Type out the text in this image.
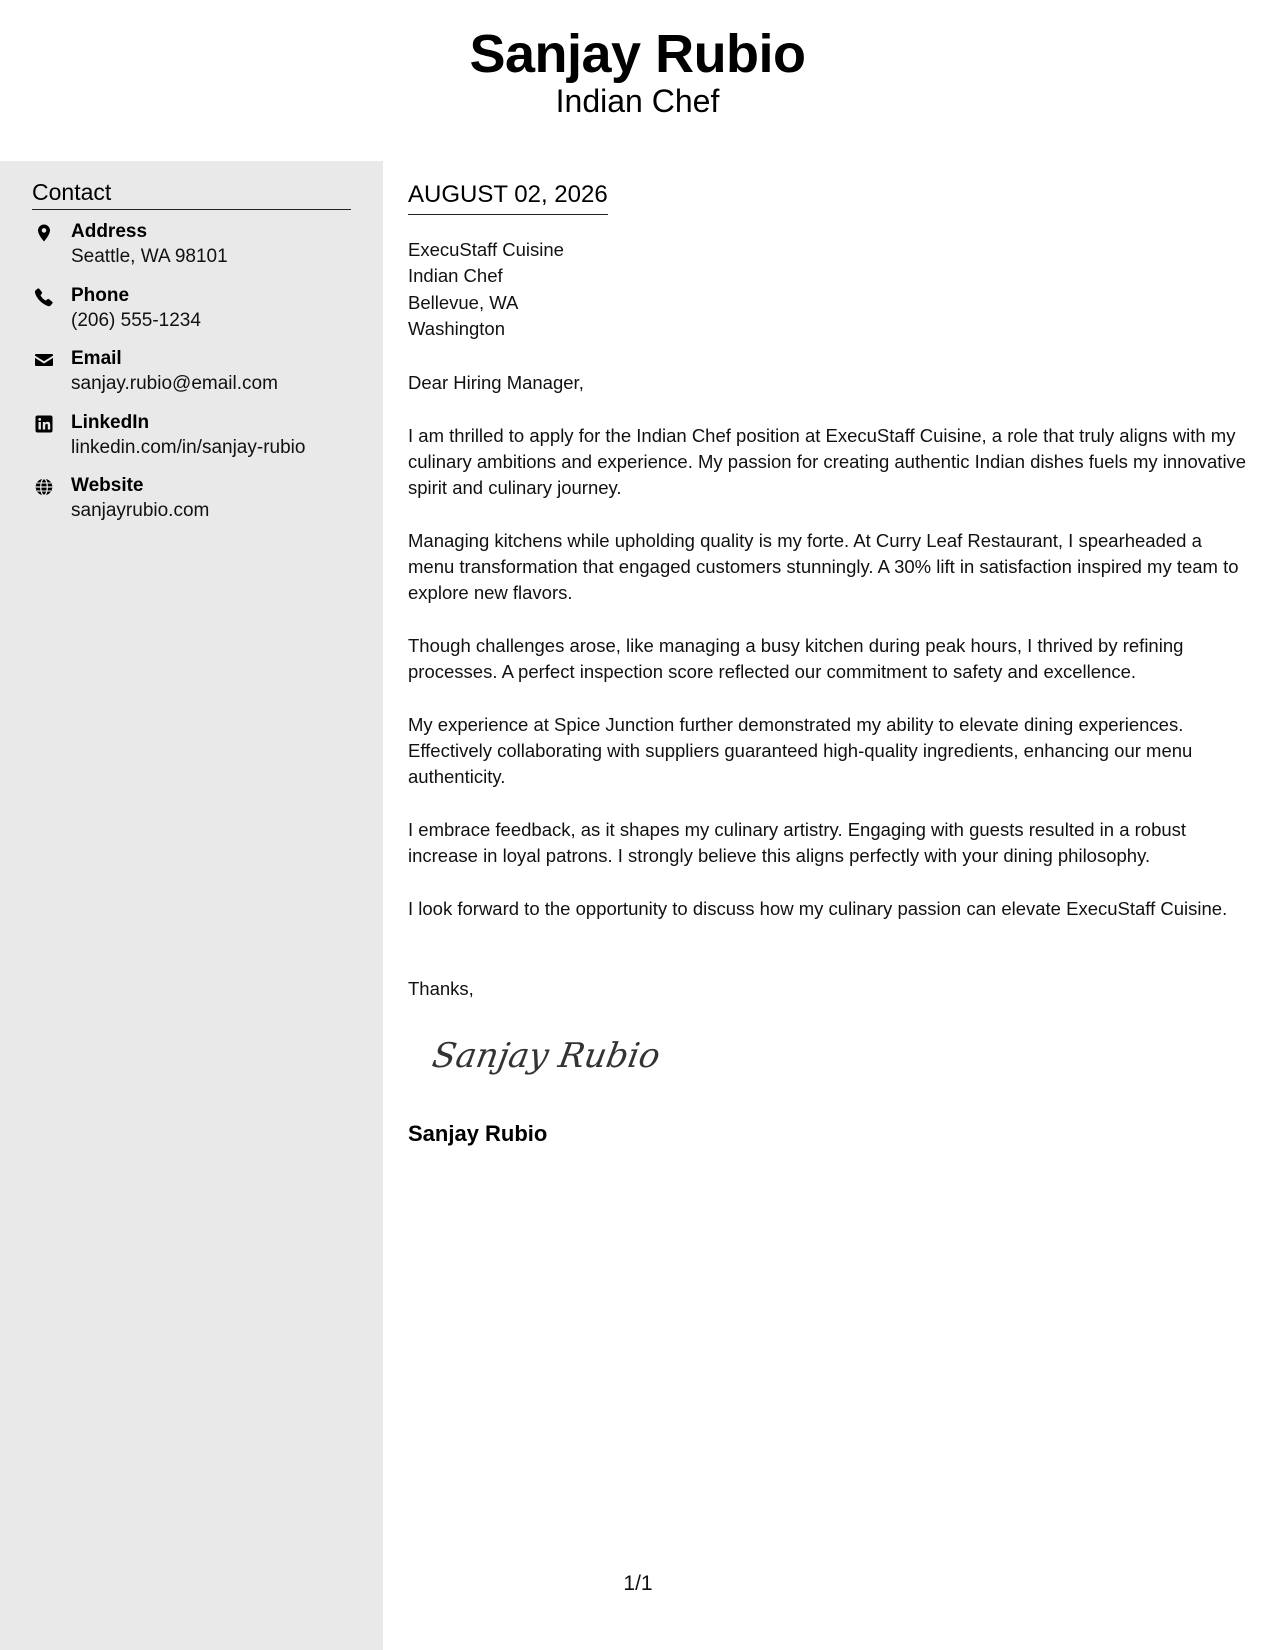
Sanjay Rubio
Indian Chef
Contact
Address
Seattle, WA 98101
Phone
(206) 555-1234
Email
sanjay.rubio@email.com
LinkedIn
linkedin.com/in/sanjay-rubio
Website
sanjayrubio.com
AUGUST 02, 2026
ExecuStaff Cuisine
Indian Chef
Bellevue, WA
Washington

Dear Hiring Manager,

I am thrilled to apply for the Indian Chef position at ExecuStaff Cuisine, a role that truly aligns with my culinary ambitions and experience. My passion for creating authentic Indian dishes fuels my innovative spirit and culinary journey.

Managing kitchens while upholding quality is my forte. At Curry Leaf Restaurant, I spearheaded a menu transformation that engaged customers stunningly. A 30% lift in satisfaction inspired my team to explore new flavors.

Though challenges arose, like managing a busy kitchen during peak hours, I thrived by refining processes. A perfect inspection score reflected our commitment to safety and excellence.

My experience at Spice Junction further demonstrated my ability to elevate dining experiences. Effectively collaborating with suppliers guaranteed high-quality ingredients, enhancing our menu authenticity.

I embrace feedback, as it shapes my culinary artistry. Engaging with guests resulted in a robust increase in loyal patrons. I strongly believe this aligns perfectly with your dining philosophy.

I look forward to the opportunity to discuss how my culinary passion can elevate ExecuStaff Cuisine.

Thanks,
Sanjay Rubio
Sanjay Rubio
1/1
